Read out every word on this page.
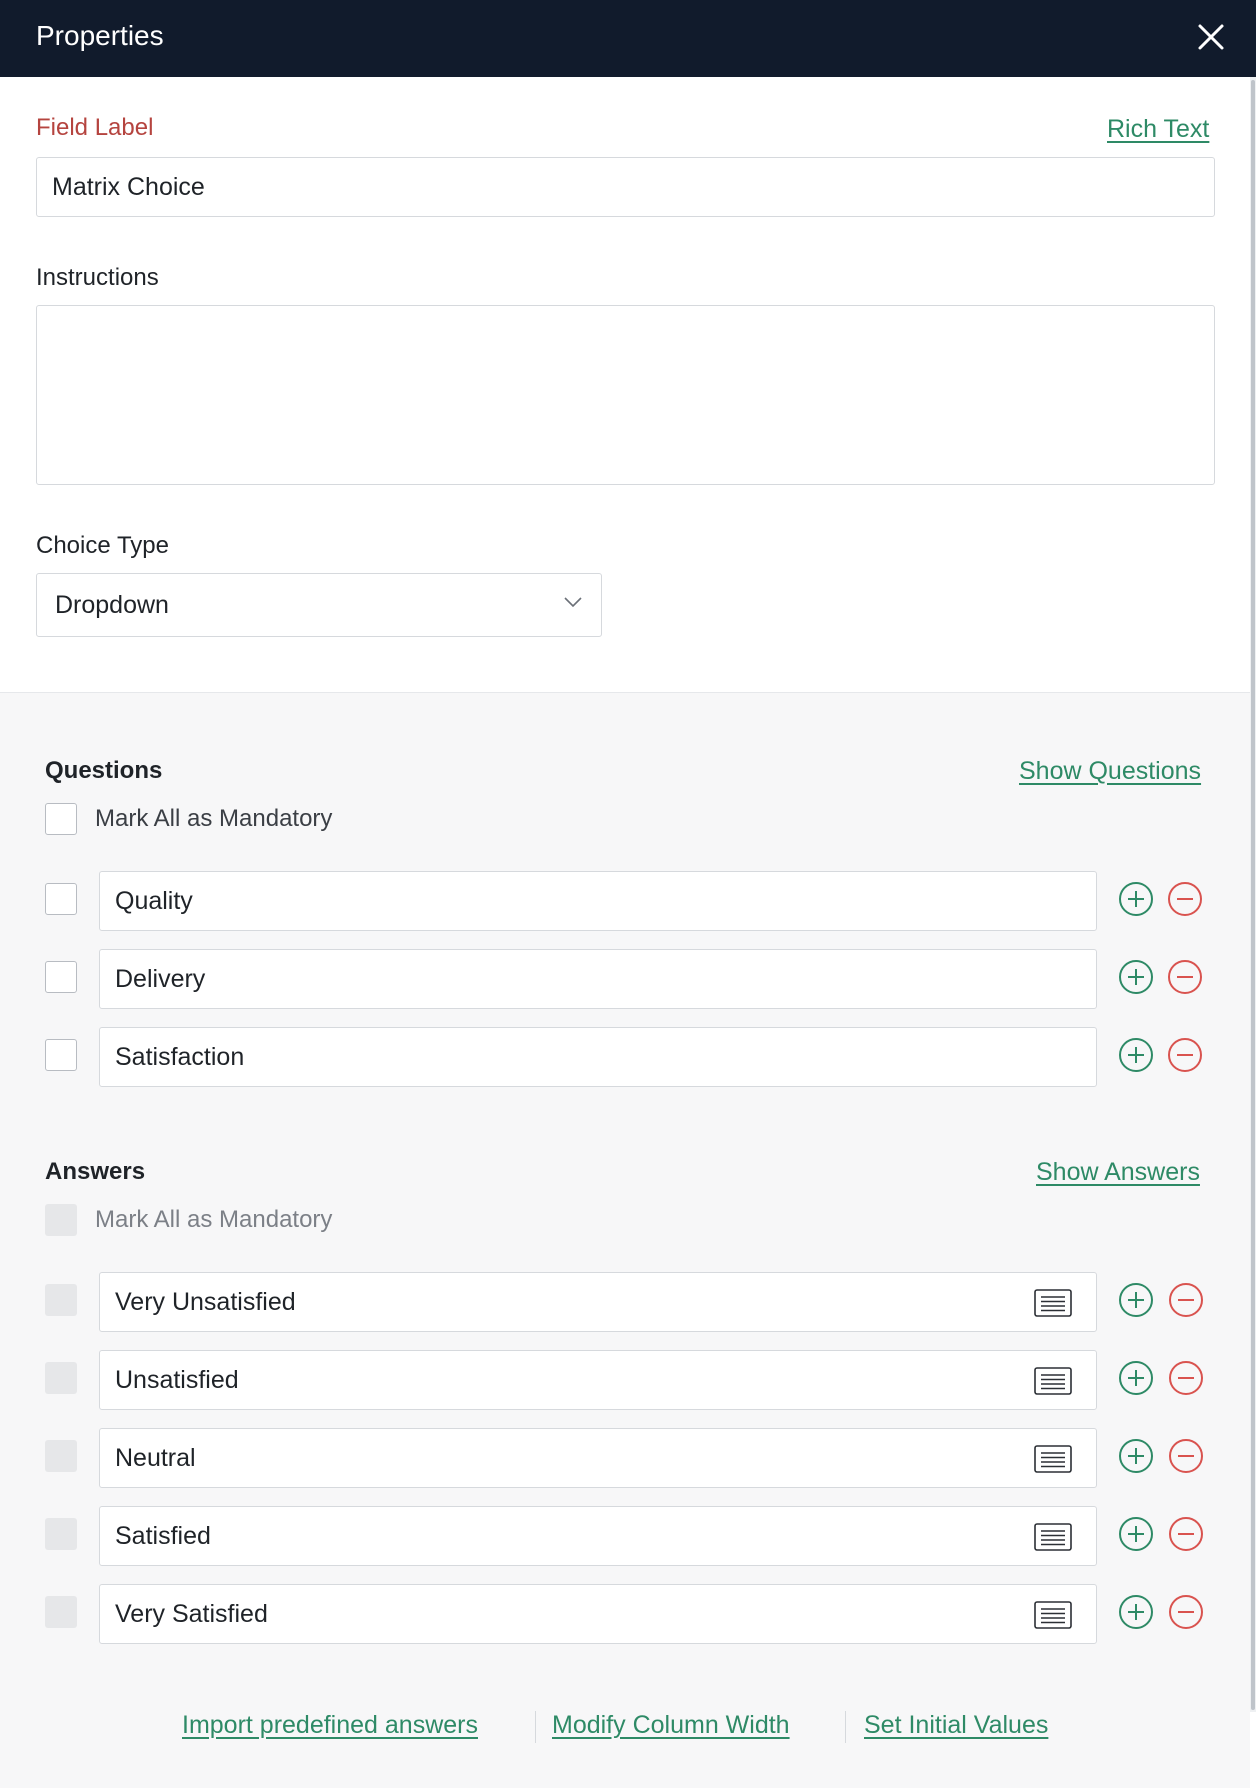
Properties
Field Label	Rich Text
Matrix Choice
Instructions
Choice Type
Dropdown
Questions	Show Questions
Mark All as Mandatory
Quality
Delivery
Satisfaction
Answers	Show Answers
Mark All as Mandatory
Very Unsatisfied
Unsatisfied
Neutral
Satisfied
Very Satisfied
Import predefined answers	Modify Column Width	Set Initial Values
